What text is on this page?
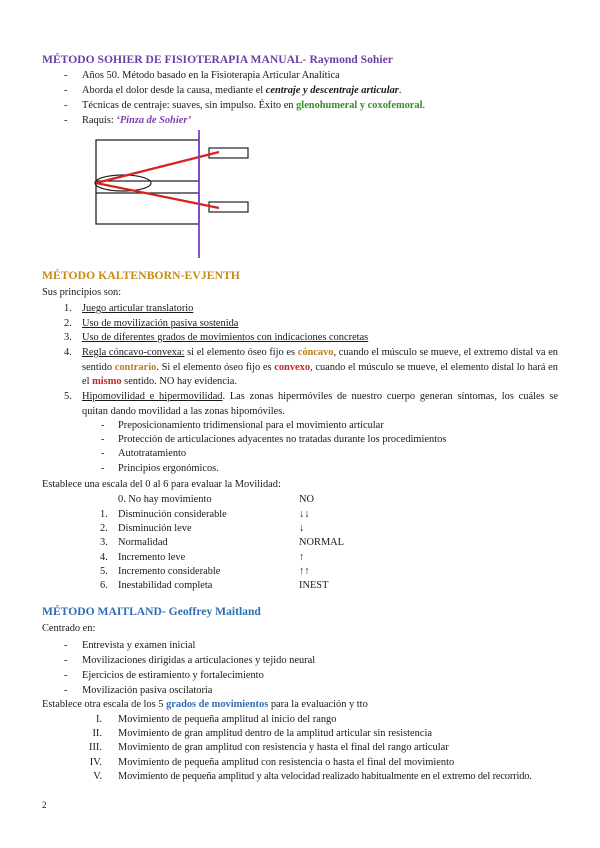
MÉTODO SOHIER DE FISIOTERAPIA MANUAL- Raymond Sohier
- Años 50. Método basado en la Fisioterapia Articular Analítica
- Aborda el dolor desde la causa, mediante el centraje y descentraje articular.
- Técnicas de centraje: suaves, sin impulso. Éxito en glenohumeral y coxofemoral.
- Raquis: ‘Pinza de Sohier’
MÉTODO KALTENBORN-EVJENTH
Sus principios son:
1. Juego articular translatorio
2. Uso de movilización pasiva sostenida
3. Uso de diferentes grados de movimientos con indicaciones concretas
4. Regla cóncavo-convexa: si el elemento óseo fijo es cóncavo, cuando el músculo se mueve, el extremo distal va en sentido contrario. Si el elemento óseo fijo es convexo, cuando el músculo se mueve, el elemento distal lo hará en el mismo sentido. NO hay evidencia.
5. Hipomovilidad e hipermovilidad. Las zonas hipermóviles de nuestro cuerpo generan síntomas, los cuáles se quitan dando movilidad a las zonas hipomóviles.
- Preposicionamiento tridimensional para el movimiento articular
- Protección de articulaciones adyacentes no tratadas durante los procedimientos
- Autotratamiento
- Principios ergonómicos.
Establece una escala del 0 al 6 para evaluar la Movilidad:
0. No hay movimiento	NO
1. Disminución considerable	↓↓
2. Disminución leve	↓
3. Normalidad	NORMAL
4. Incremento leve	↑
5. Incremento considerable	↑↑
6. Inestabilidad completa	INEST
MÉTODO MAITLAND- Geoffrey Maitland
Centrado en:
- Entrevista y examen inicial
- Movilizaciones dirigidas a articulaciones y tejido neural
- Ejercicios de estiramiento y fortalecimiento
- Movilización pasiva oscilatoria
Establece otra escala de los 5 grados de movimientos para la evaluación y tto
I. Movimiento de pequeña amplitud al inicio del rango
II. Movimiento de gran amplitud dentro de la amplitud articular sin resistencia
III. Movimiento de gran amplitud con resistencia y hasta el final del rango articular
IV. Movimiento de pequeña amplitud con resistencia o hasta el final del movimiento
V. Movimiento de pequeña amplitud y alta velocidad realizado habitualmente en el extremo del recorrido.
2
